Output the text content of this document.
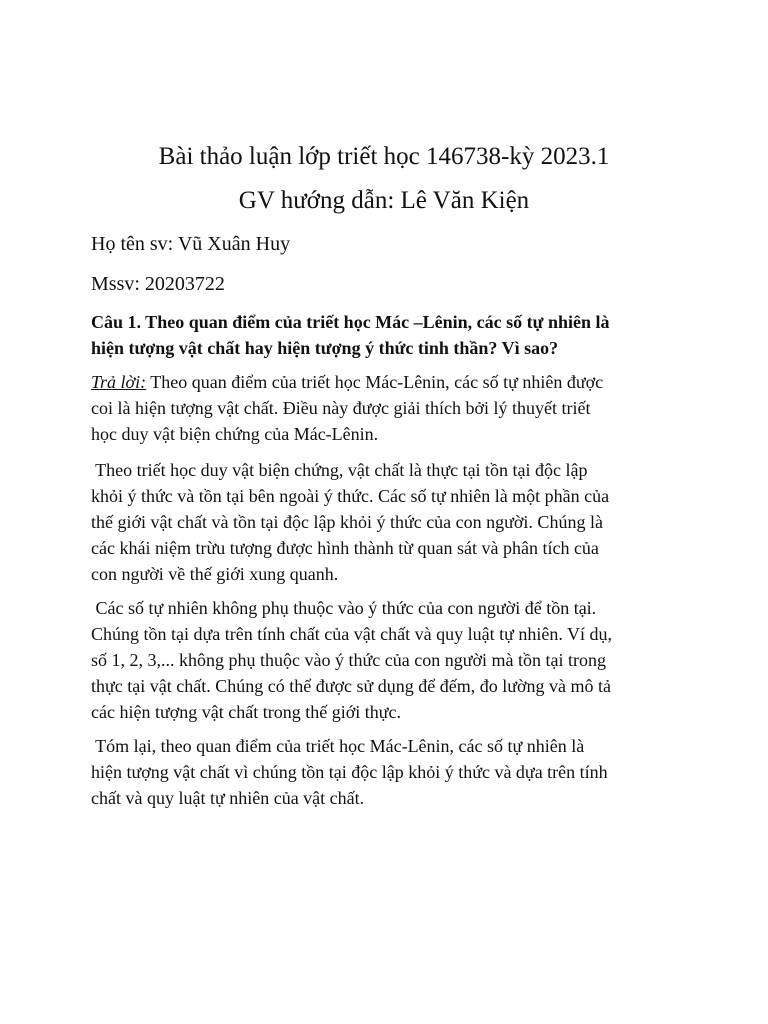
Bài thảo luận lớp triết học 146738-kỳ 2023.1
GV hướng dẫn: Lê Văn Kiện
Họ tên sv: Vũ Xuân Huy
Mssv: 20203722
Câu 1. Theo quan điểm của triết học Mác –Lênin, các số tự nhiên là
hiện tượng vật chất hay hiện tượng ý thức tinh thần? Vì sao?
Trả lời: Theo quan điểm của triết học Mác-Lênin, các số tự nhiên được
coi là hiện tượng vật chất. Điều này được giải thích bởi lý thuyết triết
học duy vật biện chứng của Mác-Lênin.
Theo triết học duy vật biện chứng, vật chất là thực tại tồn tại độc lập
khỏi ý thức và tồn tại bên ngoài ý thức. Các số tự nhiên là một phần của
thế giới vật chất và tồn tại độc lập khỏi ý thức của con người. Chúng là
các khái niệm trừu tượng được hình thành từ quan sát và phân tích của
con người về thế giới xung quanh.
Các số tự nhiên không phụ thuộc vào ý thức của con người để tồn tại.
Chúng tồn tại dựa trên tính chất của vật chất và quy luật tự nhiên. Ví dụ,
số 1, 2, 3,... không phụ thuộc vào ý thức của con người mà tồn tại trong
thực tại vật chất. Chúng có thể được sử dụng để đếm, đo lường và mô tả
các hiện tượng vật chất trong thế giới thực.
Tóm lại, theo quan điểm của triết học Mác-Lênin, các số tự nhiên là
hiện tượng vật chất vì chúng tồn tại độc lập khỏi ý thức và dựa trên tính
chất và quy luật tự nhiên của vật chất.
